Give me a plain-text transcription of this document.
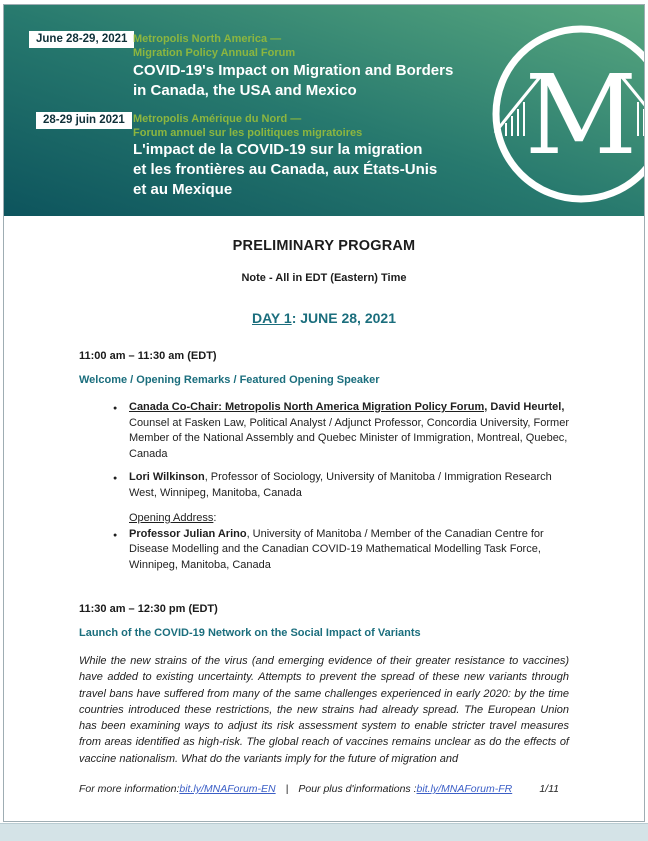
June 28-29, 2021 Metropolis North America —
Migration Policy Annual Forum
COVID-19's Impact on Migration and Borders
in Canada, the USA and Mexico
28-29 juin 2021 Metropolis Amérique du Nord —
Forum annuel sur les politiques migratoires
L'impact de la COVID-19 sur la migration
et les frontières au Canada, aux États-Unis
et au Mexique
M
PRELIMINARY PROGRAM
Note - All in EDT (Eastern) Time
DAY 1: JUNE 28, 2021
11:00 am – 11:30 am (EDT)
Welcome / Opening Remarks / Featured Opening Speaker
● Canada Co-Chair: Metropolis North America Migration Policy Forum, David Heurtel, Counsel at Fasken Law, Political Analyst / Adjunct Professor, Concordia University, Former Member of the National Assembly and Quebec Minister of Immigration, Montreal, Quebec, Canada
● Lori Wilkinson, Professor of Sociology, University of Manitoba / Immigration Research West, Winnipeg, Manitoba, Canada
Opening Address:
● Professor Julian Arino, University of Manitoba / Member of the Canadian Centre for Disease Modelling and the Canadian COVID-19 Mathematical Modelling Task Force, Winnipeg, Manitoba, Canada
11:30 am – 12:30 pm (EDT)
Launch of the COVID-19 Network on the Social Impact of Variants

While the new strains of the virus (and emerging evidence of their greater resistance to vaccines) have added to existing uncertainty. Attempts to prevent the spread of these new variants through travel bans have suffered from many of the same challenges experienced in early 2020: by the time countries introduced these restrictions, the new strains had already spread. The European Union has been examining ways to adjust its risk assessment system to enable stricter travel measures from areas identified as high-risk. The global reach of vaccines remains unclear as do the effects of vaccine nationalism. What do the variants imply for the future of migration and

For more information: bit.ly/MNAForum-EN | Pour plus d'informations : bit.ly/MNAForum-FR	1/11
